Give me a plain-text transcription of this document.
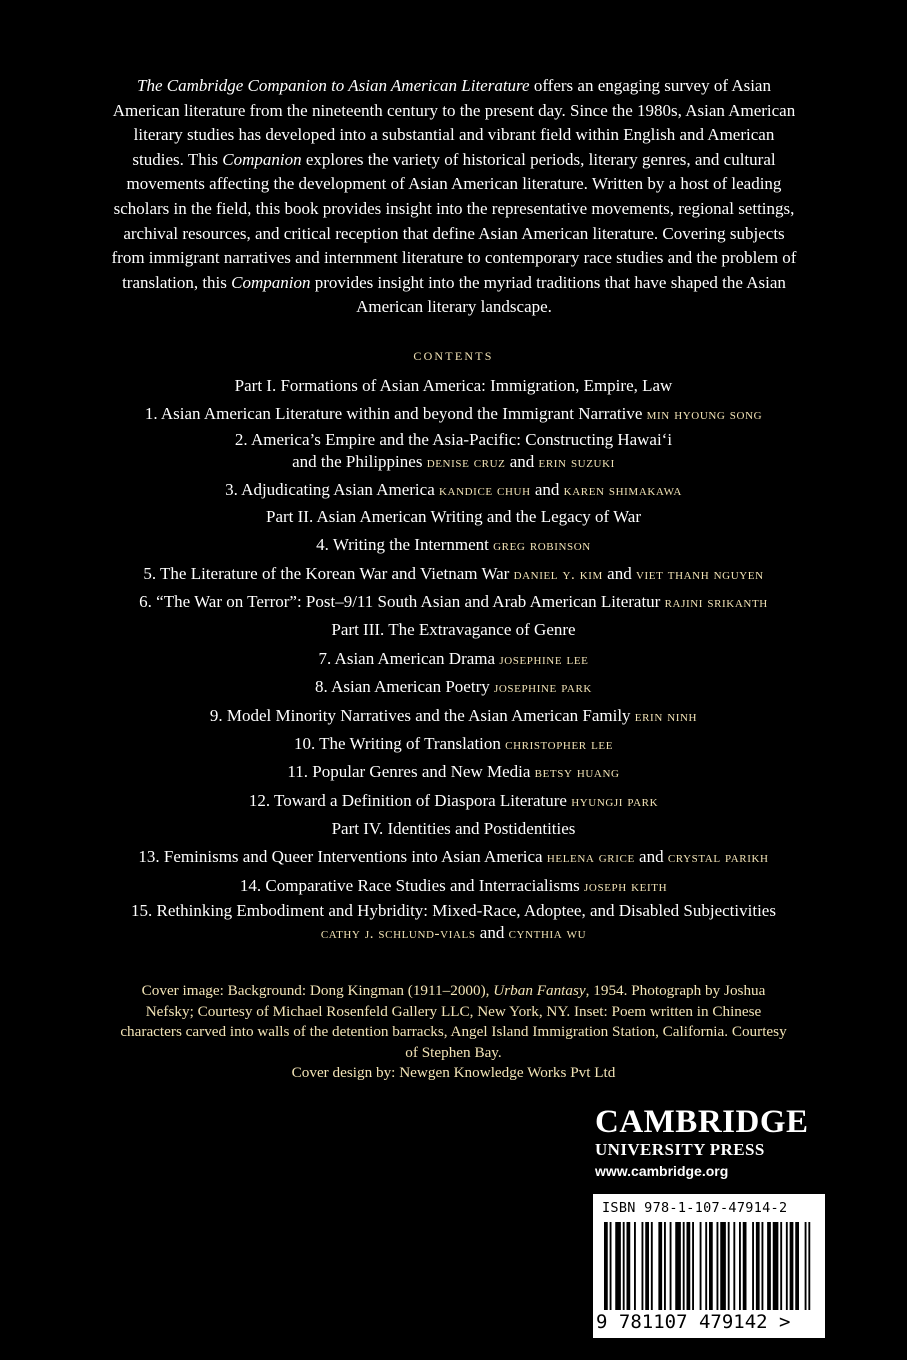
The Cambridge Companion to Asian American Literature offers an engaging survey of Asian American literature from the nineteenth century to the present day. Since the 1980s, Asian American literary studies has developed into a substantial and vibrant field within English and American studies. This Companion explores the variety of historical periods, literary genres, and cultural movements affecting the development of Asian American literature. Written by a host of leading scholars in the field, this book provides insight into the representative movements, regional settings, archival resources, and critical reception that define Asian American literature. Covering subjects from immigrant narratives and internment literature to contemporary race studies and the problem of translation, this Companion provides insight into the myriad traditions that have shaped the Asian American literary landscape.
CONTENTS
Part I. Formations of Asian America: Immigration, Empire, Law
1. Asian American Literature within and beyond the Immigrant Narrative min hyoung song
2. America’s Empire and the Asia-Pacific: Constructing Hawai‘i
and the Philippines denise cruz and erin suzuki
3. Adjudicating Asian America kandice chuh and karen shimakawa
Part II. Asian American Writing and the Legacy of War
4. Writing the Internment greg robinson
5. The Literature of the Korean War and Vietnam War daniel y. kim and viet thanh nguyen
6. “The War on Terror”: Post–9/11 South Asian and Arab American Literatur rajini srikanth
Part III. The Extravagance of Genre
7. Asian American Drama josephine lee
8. Asian American Poetry josephine park
9. Model Minority Narratives and the Asian American Family erin ninh
10. The Writing of Translation christopher lee
11. Popular Genres and New Media betsy huang
12. Toward a Definition of Diaspora Literature hyungji park
Part IV. Identities and Postidentities
13. Feminisms and Queer Interventions into Asian America helena grice and crystal parikh
14. Comparative Race Studies and Interracialisms joseph keith
15. Rethinking Embodiment and Hybridity: Mixed-Race, Adoptee, and Disabled Subjectivities
cathy j. schlund-vials and cynthia wu
Cover image: Background: Dong Kingman (1911–2000), Urban Fantasy, 1954. Photograph by Joshua Nefsky; Courtesy of Michael Rosenfeld Gallery LLC, New York, NY. Inset: Poem written in Chinese characters carved into walls of the detention barracks, Angel Island Immigration Station, California. Courtesy of Stephen Bay.
Cover design by: Newgen Knowledge Works Pvt Ltd
CAMBRIDGE
UNIVERSITY PRESS
www.cambridge.org
ISBN 978-1-107-47914-2
9 781107 479142 >
